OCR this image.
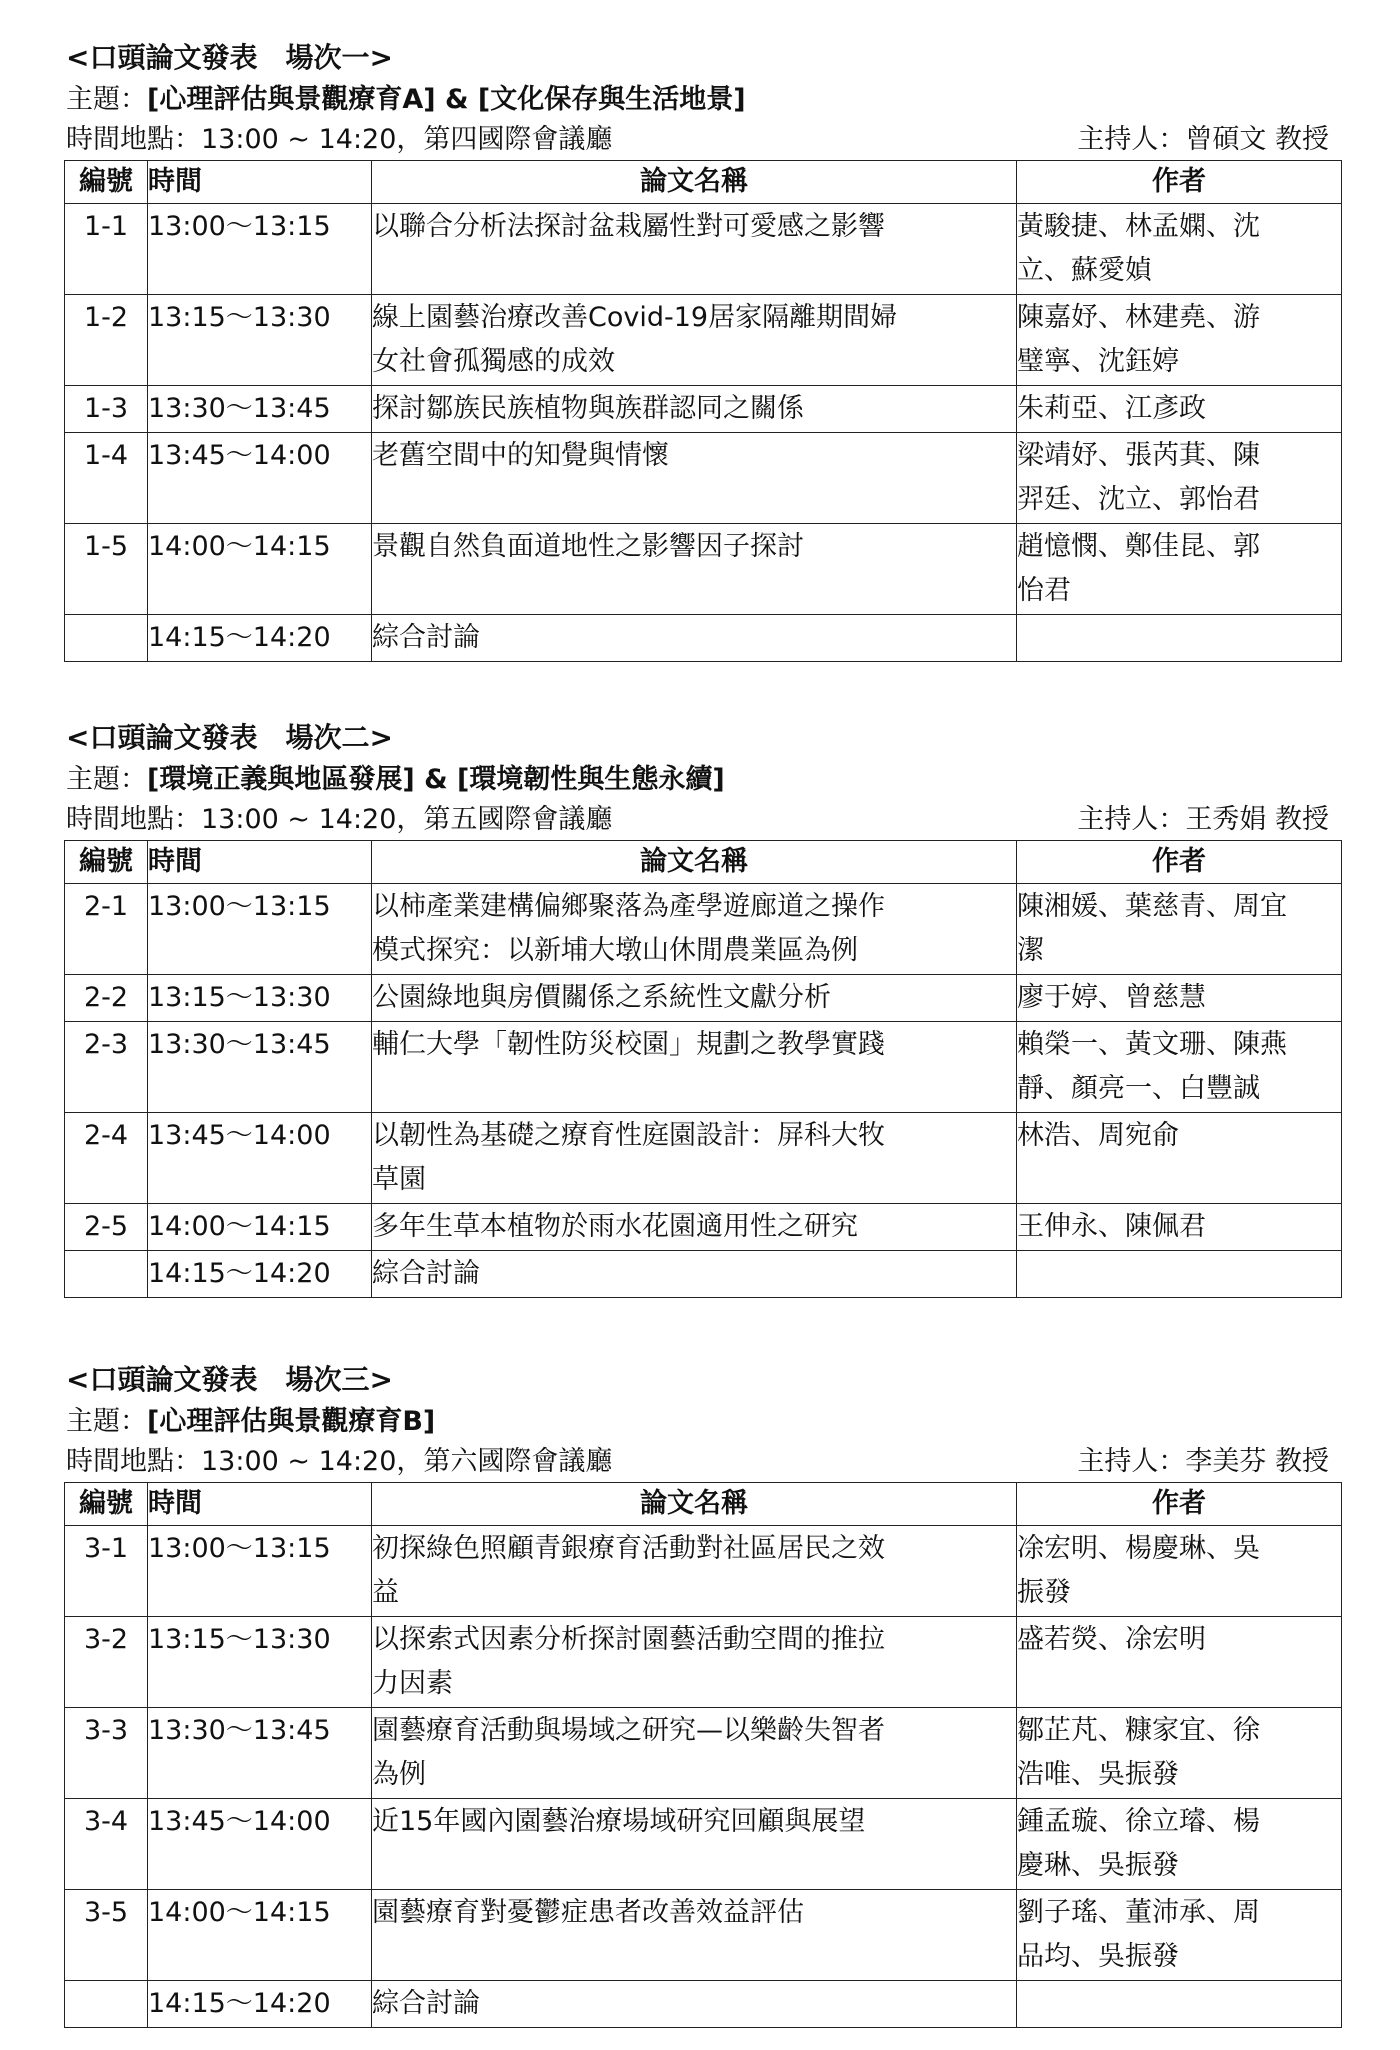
<口頭論文發表　場次一>
主題：[心理評估與景觀療育A] & [文化保存與生活地景]
時間地點：13:00 ~ 14:20，第四國際會議廳	主持人：曾碩文 教授
編號	時間	論文名稱	作者
1-1	13:00～13:15	以聯合分析法探討盆栽屬性對可愛感之影響	黃駿捷、林孟嫻、沈
立、蘇愛媜

1-2	13:15～13:30	線上園藝治療改善Covid-19居家隔離期間婦
女社會孤獨感的成效	陳嘉妤、林建堯、游
璧寧、沈鈺婷

1-3	13:30～13:45	探討鄒族民族植物與族群認同之關係	朱莉亞、江彥政

1-4	13:45～14:00	老舊空間中的知覺與情懷	梁靖妤、張芮萁、陳
羿廷、沈立、郭怡君

1-5	14:00～14:15	景觀自然負面道地性之影響因子探討	趙憶憫、鄭佳昆、郭
怡君

	14:15～14:20	綜合討論	

<口頭論文發表　場次二>
主題：[環境正義與地區發展] & [環境韌性與生態永續]
時間地點：13:00 ~ 14:20，第五國際會議廳	主持人：王秀娟 教授
編號	時間	論文名稱	作者
2-1	13:00～13:15	以柿產業建構偏鄉聚落為產學遊廊道之操作
模式探究：以新埔大墩山休閒農業區為例	陳湘媛、葉慈青、周宜
潔

2-2	13:15～13:30	公園綠地與房價關係之系統性文獻分析	廖于婷、曾慈慧

2-3	13:30～13:45	輔仁大學「韌性防災校園」規劃之教學實踐	賴榮一、黃文珊、陳燕
靜、顏亮一、白豐誠

2-4	13:45～14:00	以韌性為基礎之療育性庭園設計：屏科大牧
草園	林浩、周宛俞

2-5	14:00～14:15	多年生草本植物於雨水花園適用性之研究	王伸永、陳佩君

	14:15～14:20	綜合討論	

<口頭論文發表　場次三>
主題：[心理評估與景觀療育B]
時間地點：13:00 ~ 14:20，第六國際會議廳	主持人：李美芬 教授
編號	時間	論文名稱	作者
3-1	13:00～13:15	初探綠色照顧青銀療育活動對社區居民之效
益	凃宏明、楊慶琳、吳
振發

3-2	13:15～13:30	以探索式因素分析探討園藝活動空間的推拉
力因素	盛若熒、凃宏明

3-3	13:30～13:45	園藝療育活動與場域之研究—以樂齡失智者
為例	鄒芷芃、糠家宜、徐
浩唯、吳振發

3-4	13:45～14:00	近15年國內園藝治療場域研究回顧與展望	鍾孟璇、徐立璿、楊
慶琳、吳振發

3-5	14:00～14:15	園藝療育對憂鬱症患者改善效益評估	劉子瑤、董沛承、周
品均、吳振發

	14:15～14:20	綜合討論	
